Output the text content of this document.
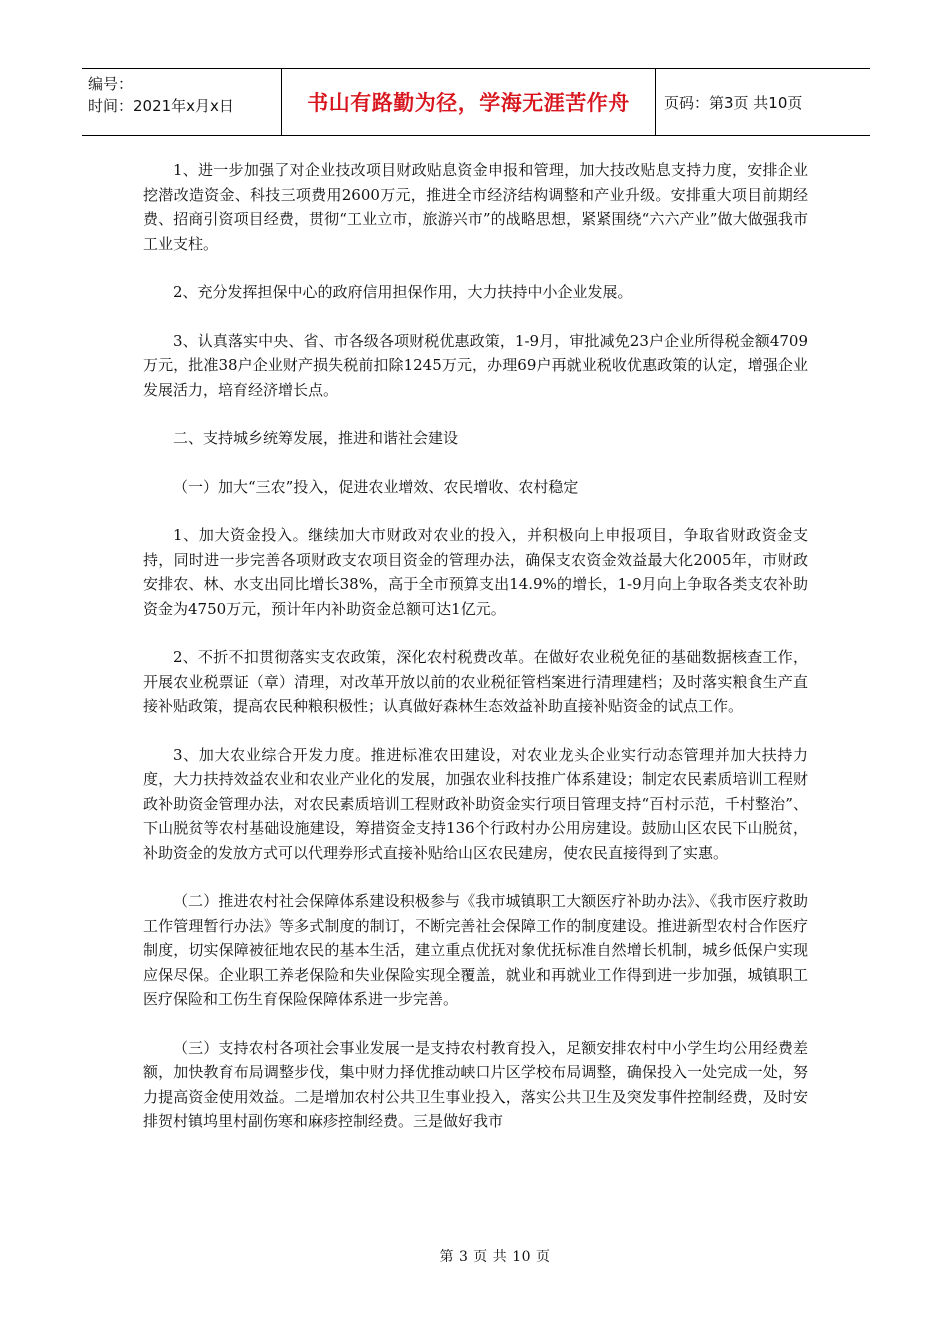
编号：
时间：2021年x月x日	书山有路勤为径，学海无涯苦作舟	页码：第3页 共10页

1、进一步加强了对企业技改项目财政贴息资金申报和管理，加大技改贴息支持力度，安排企业挖潜改造资金、科技三项费用2600万元，推进全市经济结构调整和产业升级。安排重大项目前期经费、招商引资项目经费，贯彻“工业立市，旅游兴市”的战略思想，紧紧围绕“六六产业”做大做强我市工业支柱。

2、充分发挥担保中心的政府信用担保作用，大力扶持中小企业发展。

3、认真落实中央、省、市各级各项财税优惠政策，1-9月，审批减免23户企业所得税金额4709万元，批准38户企业财产损失税前扣除1245万元，办理69户再就业税收优惠政策的认定，增强企业发展活力，培育经济增长点。

二、支持城乡统筹发展，推进和谐社会建设

（一）加大“三农”投入，促进农业增效、农民增收、农村稳定

1、加大资金投入。继续加大市财政对农业的投入，并积极向上申报项目，争取省财政资金支持，同时进一步完善各项财政支农项目资金的管理办法，确保支农资金效益最大化2005年，市财政安排农、林、水支出同比增长38%，高于全市预算支出14.9%的增长，1-9月向上争取各类支农补助资金为4750万元，预计年内补助资金总额可达1亿元。

2、不折不扣贯彻落实支农政策，深化农村税费改革。在做好农业税免征的基础数据核查工作，开展农业税票证（章）清理，对改革开放以前的农业税征管档案进行清理建档；及时落实粮食生产直接补贴政策，提高农民种粮积极性；认真做好森林生态效益补助直接补贴资金的试点工作。

3、加大农业综合开发力度。推进标准农田建设，对农业龙头企业实行动态管理并加大扶持力度，大力扶持效益农业和农业产业化的发展，加强农业科技推广体系建设；制定农民素质培训工程财政补助资金管理办法，对农民素质培训工程财政补助资金实行项目管理支持“百村示范，千村整治”、下山脱贫等农村基础设施建设，筹措资金支持136个行政村办公用房建设。鼓励山区农民下山脱贫，补助资金的发放方式可以代理券形式直接补贴给山区农民建房，使农民直接得到了实惠。

（二）推进农村社会保障体系建设积极参与《我市城镇职工大额医疗补助办法》、《我市医疗救助工作管理暂行办法》等多式制度的制订，不断完善社会保障工作的制度建设。推进新型农村合作医疗制度，切实保障被征地农民的基本生活，建立重点优抚对象优抚标准自然增长机制，城乡低保户实现应保尽保。企业职工养老保险和失业保险实现全覆盖，就业和再就业工作得到进一步加强，城镇职工医疗保险和工伤生育保险保障体系进一步完善。

（三）支持农村各项社会事业发展一是支持农村教育投入，足额安排农村中小学生均公用经费差额，加快教育布局调整步伐，集中财力择优推动峡口片区学校布局调整，确保投入一处完成一处，努力提高资金使用效益。二是增加农村公共卫生事业投入，落实公共卫生及突发事件控制经费，及时安排贺村镇坞里村副伤寒和麻疹控制经费。三是做好我市

第 3 页 共 10 页
